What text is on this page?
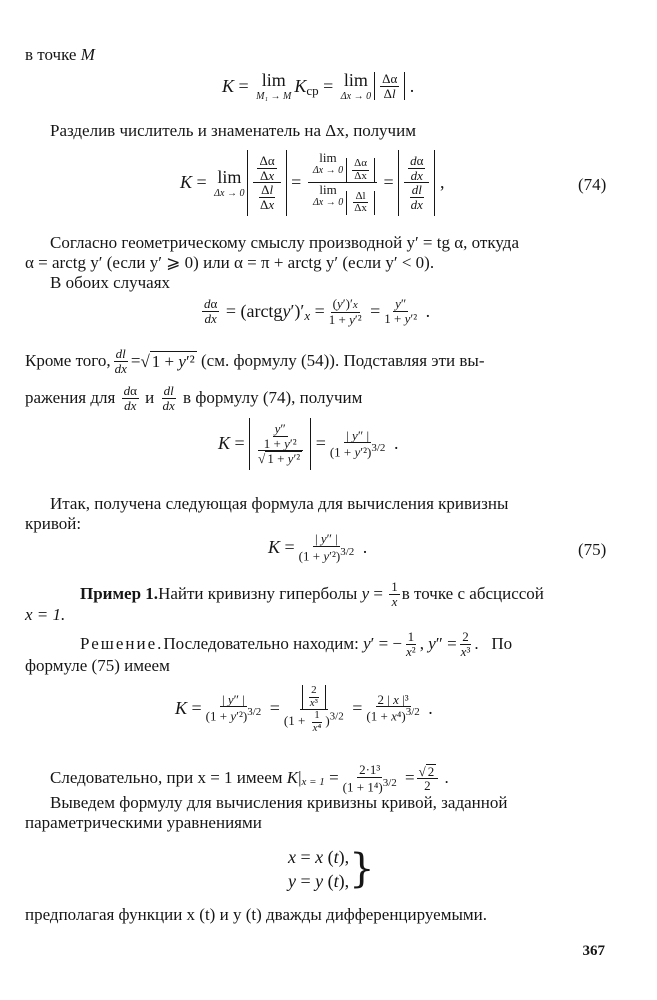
в точке M
K = lim
M₁ → M
K ср = lim
$\Delta x \to 0 \frac{\Delta\alpha}{\Delta l}$ .
Разделив числитель и знаменатель на Δx, получим
K = lim
$\Delta x \to 0 \frac{\frac{\Delta\alpha}{\Delta x}}{\frac{\Delta l}{\Delta x}} = \lim$
$\Delta x \to 0 \frac{\Delta\alpha}{\Delta x}$
lim
$\Delta x \to 0 \frac{\Delta l}{\Delta x} = \frac{\frac{d\alpha}{dx}}{\frac{dl}{dx}}$ ,	(74)
Согласно геометрическому смыслу производной y′ = tg α, откуда
α = arctg y′ (если y′ ⩾ 0) или α = π + arctg y′ (если y′ < 0).
В обоих случаях
$\frac{d\alpha}{dx}$ = (arctg y ′)′ $x = \frac{(y')'x}{\text{1 + y′²}} = \frac{y''}{\text{1 + y′²}}$ .
Кроме того, $\frac{dl}{dx}$ = √ 1 + y′²
(см. формулу (54)). Подставляя эти вы-
ражения для
$\frac{d\alpha}{dx}$
и
$\frac{dl}{dx}$
в формулу (74), получим
$K = \frac{\frac{y''}{\text{1 + y′²}}}{\text{√ 1 + y′²}} = \frac{| y'' |}{(1 + y'^2)^{3/2}}$ .
Итак, получена следующая формула для вычисления кривизны
кривой:
$K = \frac{| y'' |}{(1 + y'^2)^{3/2}}$ .	(75)
Пример 1. Найти кривизну гиперболы
$y = \frac{1}{x}$ в точке с абсциссой
x = 1.
Решение. Последовательно находим:
y ′ = − $\frac{1}{\text{x²}}$ , y ″ = $\frac{2}{\text{x³}}$ . По
формуле (75) имеем
$K = \frac{| y'' |}{(1 + y'^2)^{3/2}} = \frac{\frac{2}{\text{x³}}}{(1 + \frac{1}{\text{x⁴}} )^{3/2}} = \frac{\text{2 | x |³}}{(1 + x^4)^{3/2}}$ .
Следовательно, при x = 1 имеем
K | $x = 1 = \frac{\text{2·1³}}{(1 + 1^4)^{3/2}} = \frac{√ 2}{2}$ .
Выведем формулу для вычисления кривизны кривой, заданной
параметрическими уравнениями
x = x (t),
y = y (t), }
предполагая функции x (t) и y (t) дважды дифференцируемыми.
367
